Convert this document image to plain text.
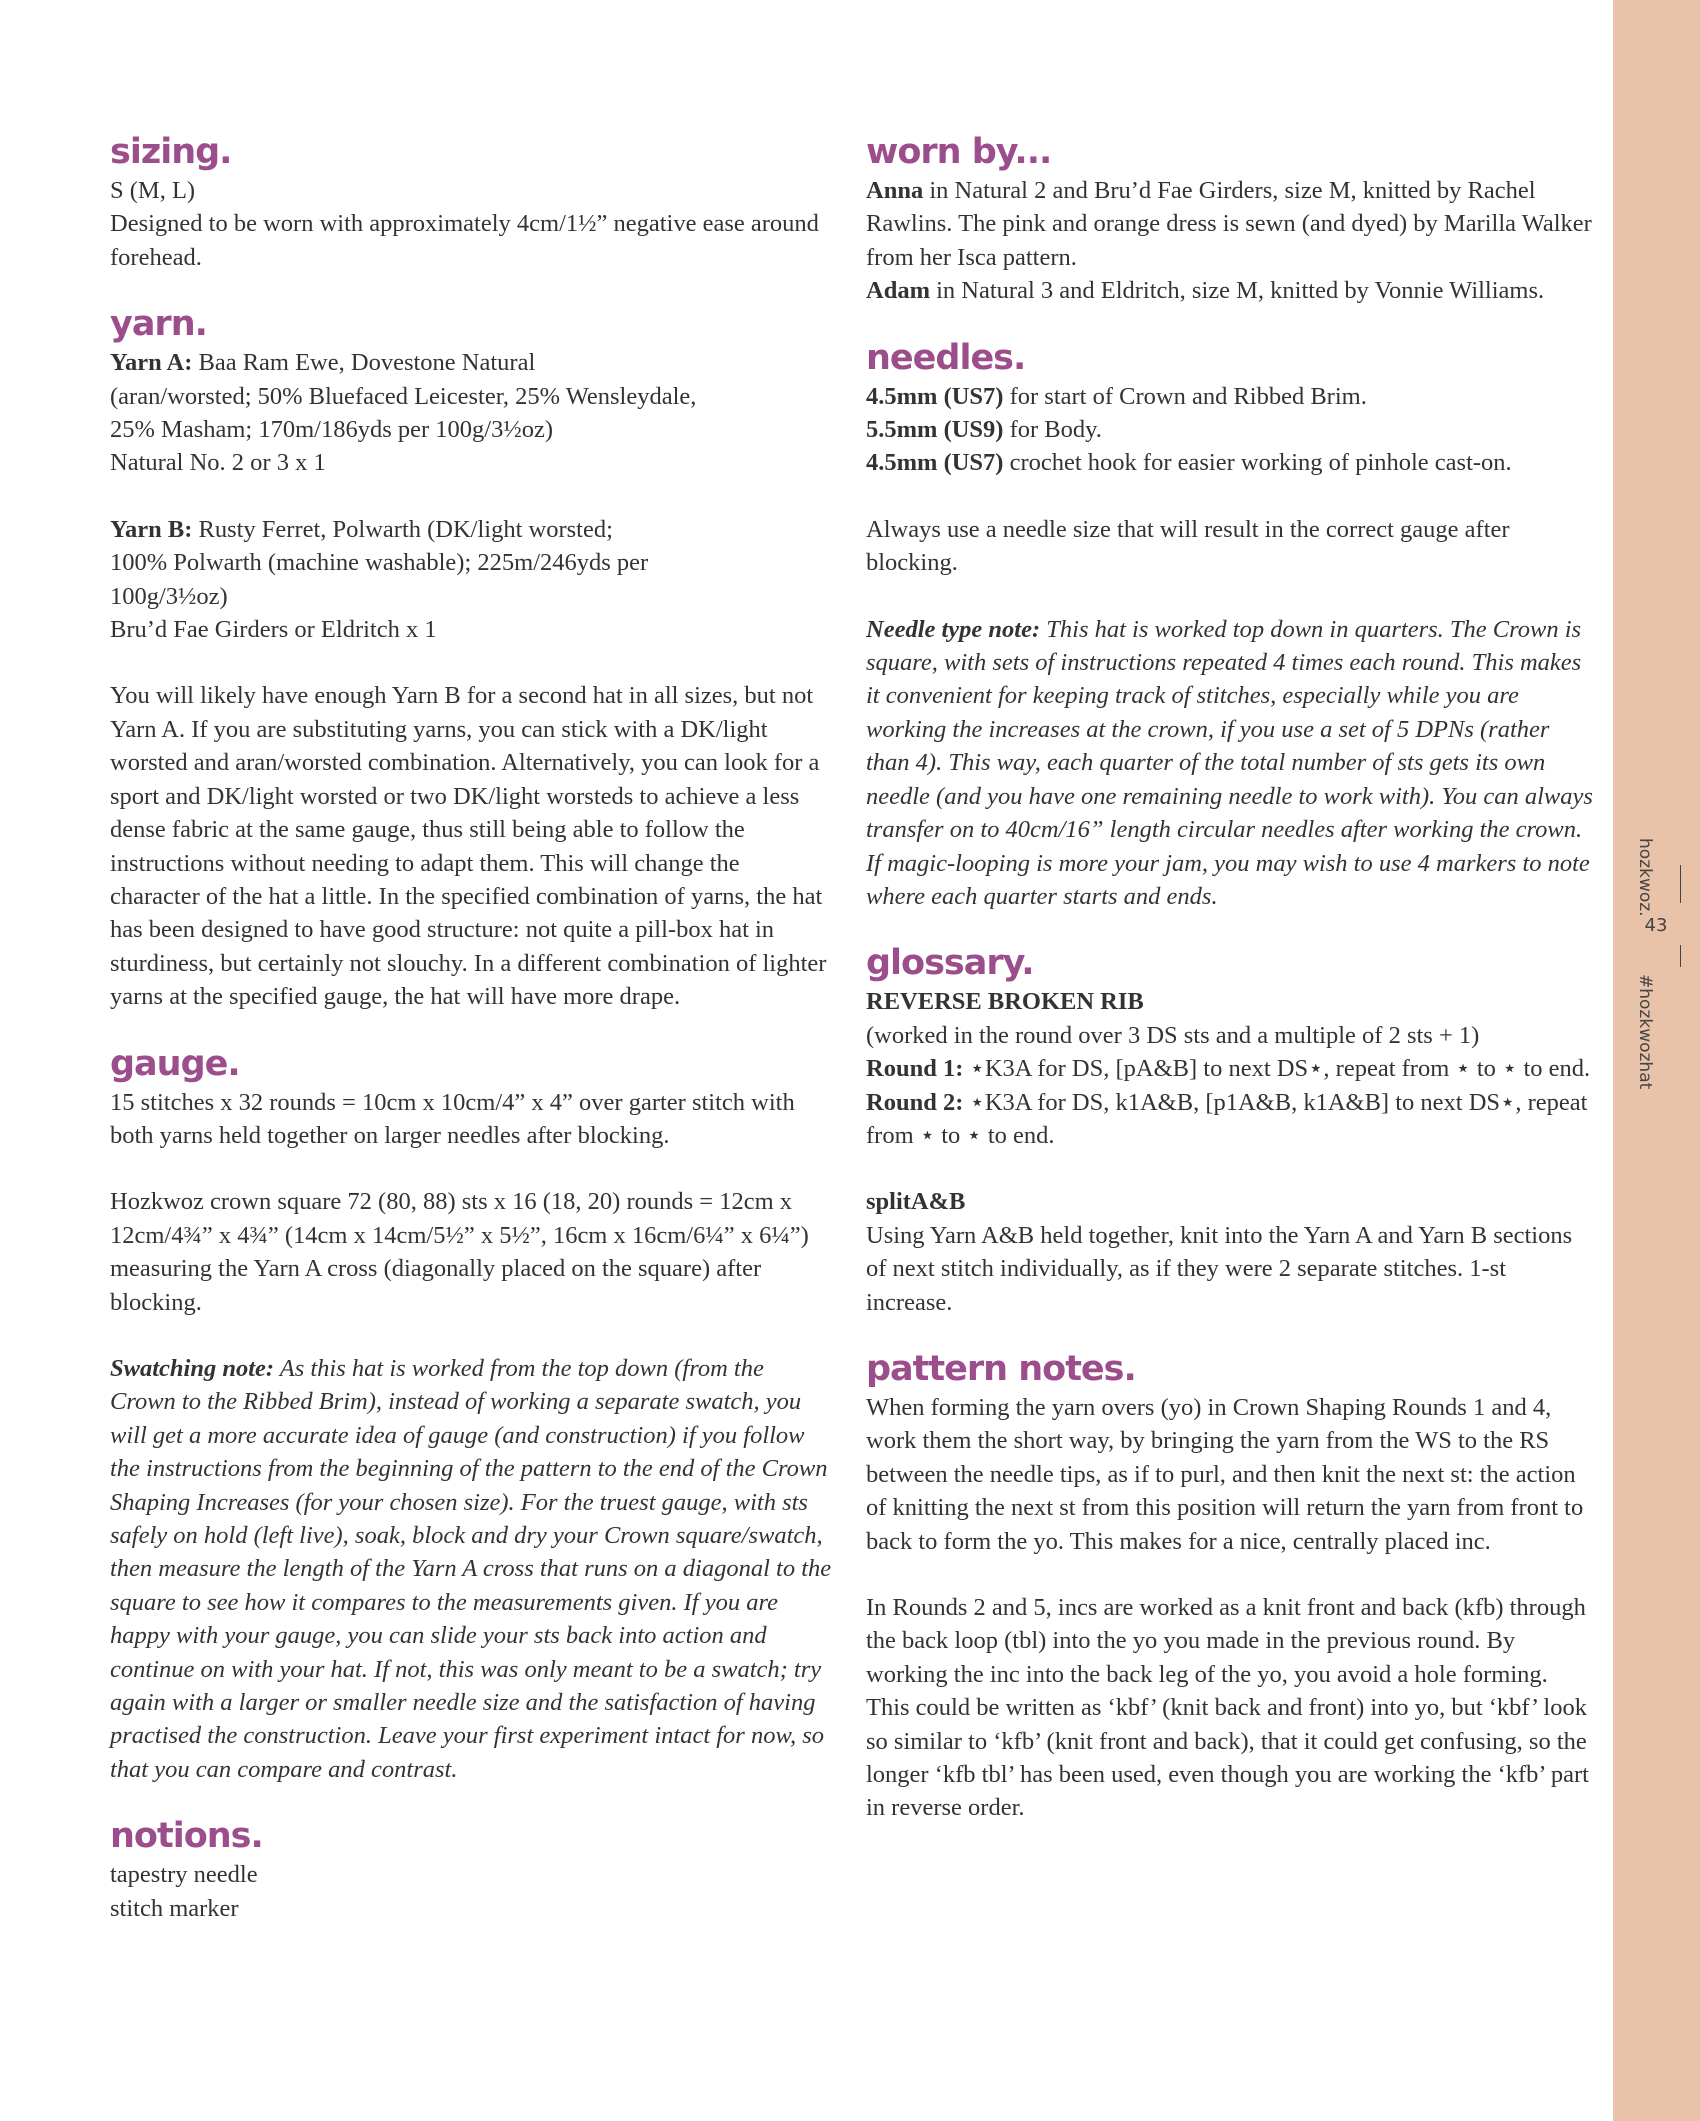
sizing.

S (M, L)

Designed to be worn with approximately 4cm/1½” negative ease around forehead.

yarn.

Yarn A: Baa Ram Ewe, Dovestone Natural

(aran/worsted; 50% Bluefaced Leicester, 25% Wensleydale,

25% Masham; 170m/186yds per 100g/3½oz)

Natural No. 2 or 3 x 1

Yarn B: Rusty Ferret, Polwarth (DK/light worsted;

100% Polwarth (machine washable); 225m/246yds per

100g/3½oz)

Bru’d Fae Girders or Eldritch x 1

You will likely have enough Yarn B for a second hat in all sizes, but not Yarn A. If you are substituting yarns, you can stick with a DK/light worsted and aran/worsted combination. Alternatively, you can look for a sport and DK/light worsted or two DK/light worsteds to achieve a less dense fabric at the same gauge, thus still being able to follow the instructions without needing to adapt them. This will change the character of the hat a little. In the specified combination of yarns, the hat has been designed to have good structure: not quite a pill-box hat in sturdiness, but certainly not slouchy. In a different combination of lighter yarns at the specified gauge, the hat will have more drape.

gauge.

15 stitches x 32 rounds = 10cm x 10cm/4” x 4” over garter stitch with both yarns held together on larger needles after blocking.

Hozkwoz crown square 72 (80, 88) sts x 16 (18, 20) rounds = 12cm x 12cm/4¾” x 4¾” (14cm x 14cm/5½” x 5½”, 16cm x 16cm/6¼” x 6¼”) measuring the Yarn A cross (diagonally placed on the square) after blocking.

Swatching note: As this hat is worked from the top down (from the Crown to the Ribbed Brim), instead of working a separate swatch, you will get a more accurate idea of gauge (and construction) if you follow the instructions from the beginning of the pattern to the end of the Crown Shaping Increases (for your chosen size). For the truest gauge, with sts safely on hold (left live), soak, block and dry your Crown square/swatch, then measure the length of the Yarn A cross that runs on a diagonal to the square to see how it compares to the measurements given. If you are happy with your gauge, you can slide your sts back into action and continue on with your hat. If not, this was only meant to be a swatch; try again with a larger or smaller needle size and the satisfaction of having practised the construction. Leave your first experiment intact for now, so that you can compare and contrast.

notions.

tapestry needle

stitch marker

worn by...

Anna in Natural 2 and Bru’d Fae Girders, size M, knitted by Rachel Rawlins. The pink and orange dress is sewn (and dyed) by Marilla Walker from her Isca pattern.

Adam in Natural 3 and Eldritch, size M, knitted by Vonnie Williams.

needles.

4.5mm (US7) for start of Crown and Ribbed Brim.

5.5mm (US9) for Body.

4.5mm (US7) crochet hook for easier working of pinhole cast-on.

Always use a needle size that will result in the correct gauge after blocking.

Needle type note: This hat is worked top down in quarters. The Crown is square, with sets of instructions repeated 4 times each round. This makes it convenient for keeping track of stitches, especially while you are working the increases at the crown, if you use a set of 5 DPNs (rather than 4). This way, each quarter of the total number of sts gets its own needle (and you have one remaining needle to work with). You can always transfer on to 40cm/16” length circular needles after working the crown. If magic-looping is more your jam, you may wish to use 4 markers to note where each quarter starts and ends.

glossary.

REVERSE BROKEN RIB

(worked in the round over 3 DS sts and a multiple of 2 sts + 1)

Round 1: ⋆K3A for DS, [pA&B] to next DS⋆, repeat from ⋆ to ⋆ to end.

Round 2: ⋆K3A for DS, k1A&B, [p1A&B, k1A&B] to next DS⋆, repeat from ⋆ to ⋆ to end.

splitA&B

Using Yarn A&B held together, knit into the Yarn A and Yarn B sections of next stitch individually, as if they were 2 separate stitches. 1-st increase.

pattern notes.

When forming the yarn overs (yo) in Crown Shaping Rounds 1 and 4, work them the short way, by bringing the yarn from the WS to the RS between the needle tips, as if to purl, and then knit the next st: the action of knitting the next st from this position will return the yarn from front to back to form the yo. This makes for a nice, centrally placed inc.

In Rounds 2 and 5, incs are worked as a knit front and back (kfb) through the back loop (tbl) into the yo you made in the previous round. By working the inc into the back leg of the yo, you avoid a hole forming. This could be written as ‘kbf’ (knit back and front) into yo, but ‘kbf’ look so similar to ‘kfb’ (knit front and back), that it could get confusing, so the longer ‘kfb tbl’ has been used, even though you are working the ‘kfb’ part in reverse order.

hozkwoz.
43
#hozkwozhat
